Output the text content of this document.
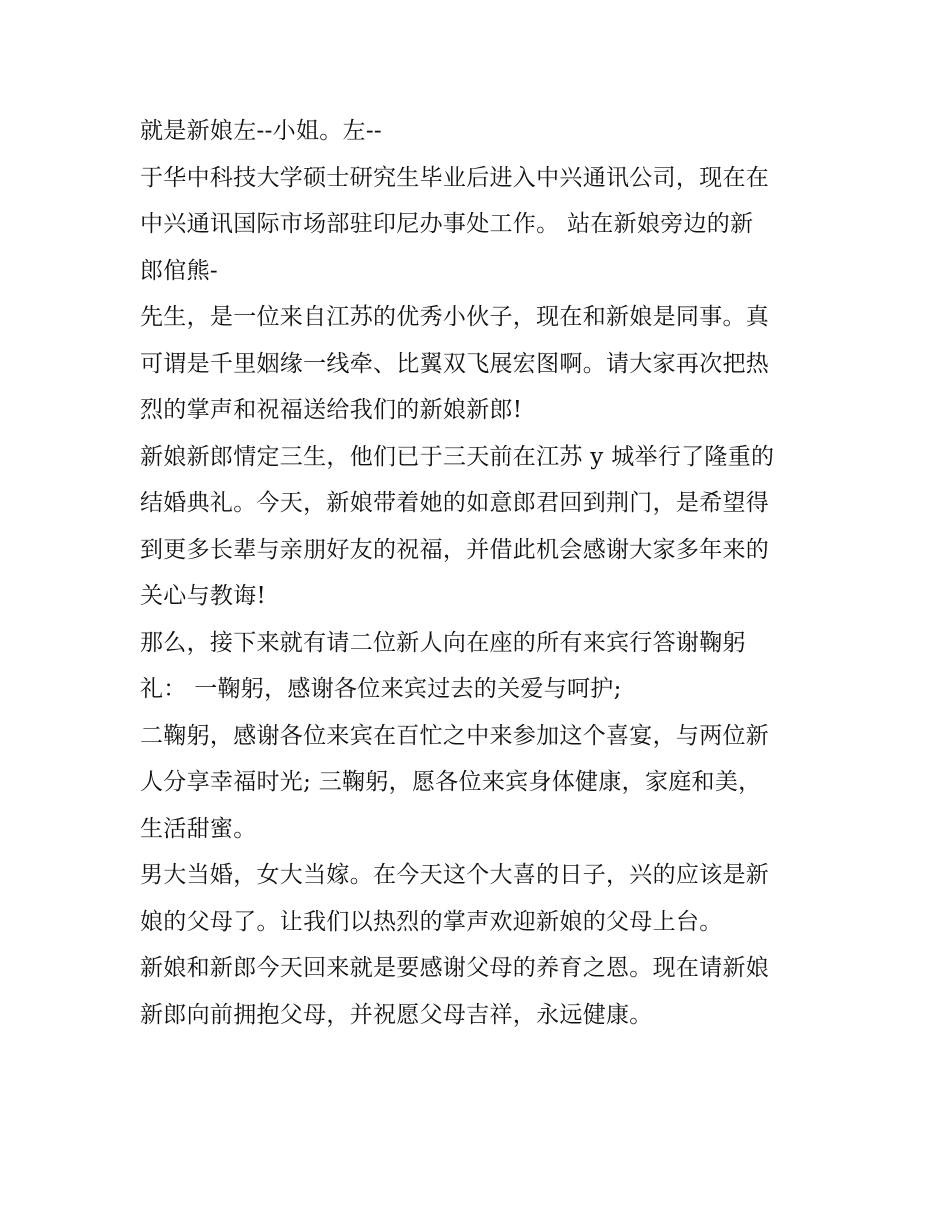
就是新娘左--小姐。左--

于华中科技大学硕士研究生毕业后进入中兴通讯公司，现在在

中兴通讯国际市场部驻印尼办事处工作。 站在新娘旁边的新

郎倌熊-

先生，是一位来自江苏的优秀小伙子，现在和新娘是同事。真

可谓是千里姻缘一线牵、比翼双飞展宏图啊。请大家再次把热

烈的掌声和祝福送给我们的新娘新郎!

新娘新郎情定三生，他们已于三天前在江苏 y 城举行了隆重的

结婚典礼。今天，新娘带着她的如意郎君回到荆门，是希望得

到更多长辈与亲朋好友的祝福，并借此机会感谢大家多年来的

关心与教诲!

那么，接下来就有请二位新人向在座的所有来宾行答谢鞠躬

礼： 一鞠躬，感谢各位来宾过去的关爱与呵护;

二鞠躬，感谢各位来宾在百忙之中来参加这个喜宴，与两位新

人分享幸福时光; 三鞠躬，愿各位来宾身体健康，家庭和美，

生活甜蜜。

男大当婚，女大当嫁。在今天这个大喜的日子，兴的应该是新

娘的父母了。让我们以热烈的掌声欢迎新娘的父母上台。

新娘和新郎今天回来就是要感谢父母的养育之恩。现在请新娘

新郎向前拥抱父母，并祝愿父母吉祥，永远健康。
